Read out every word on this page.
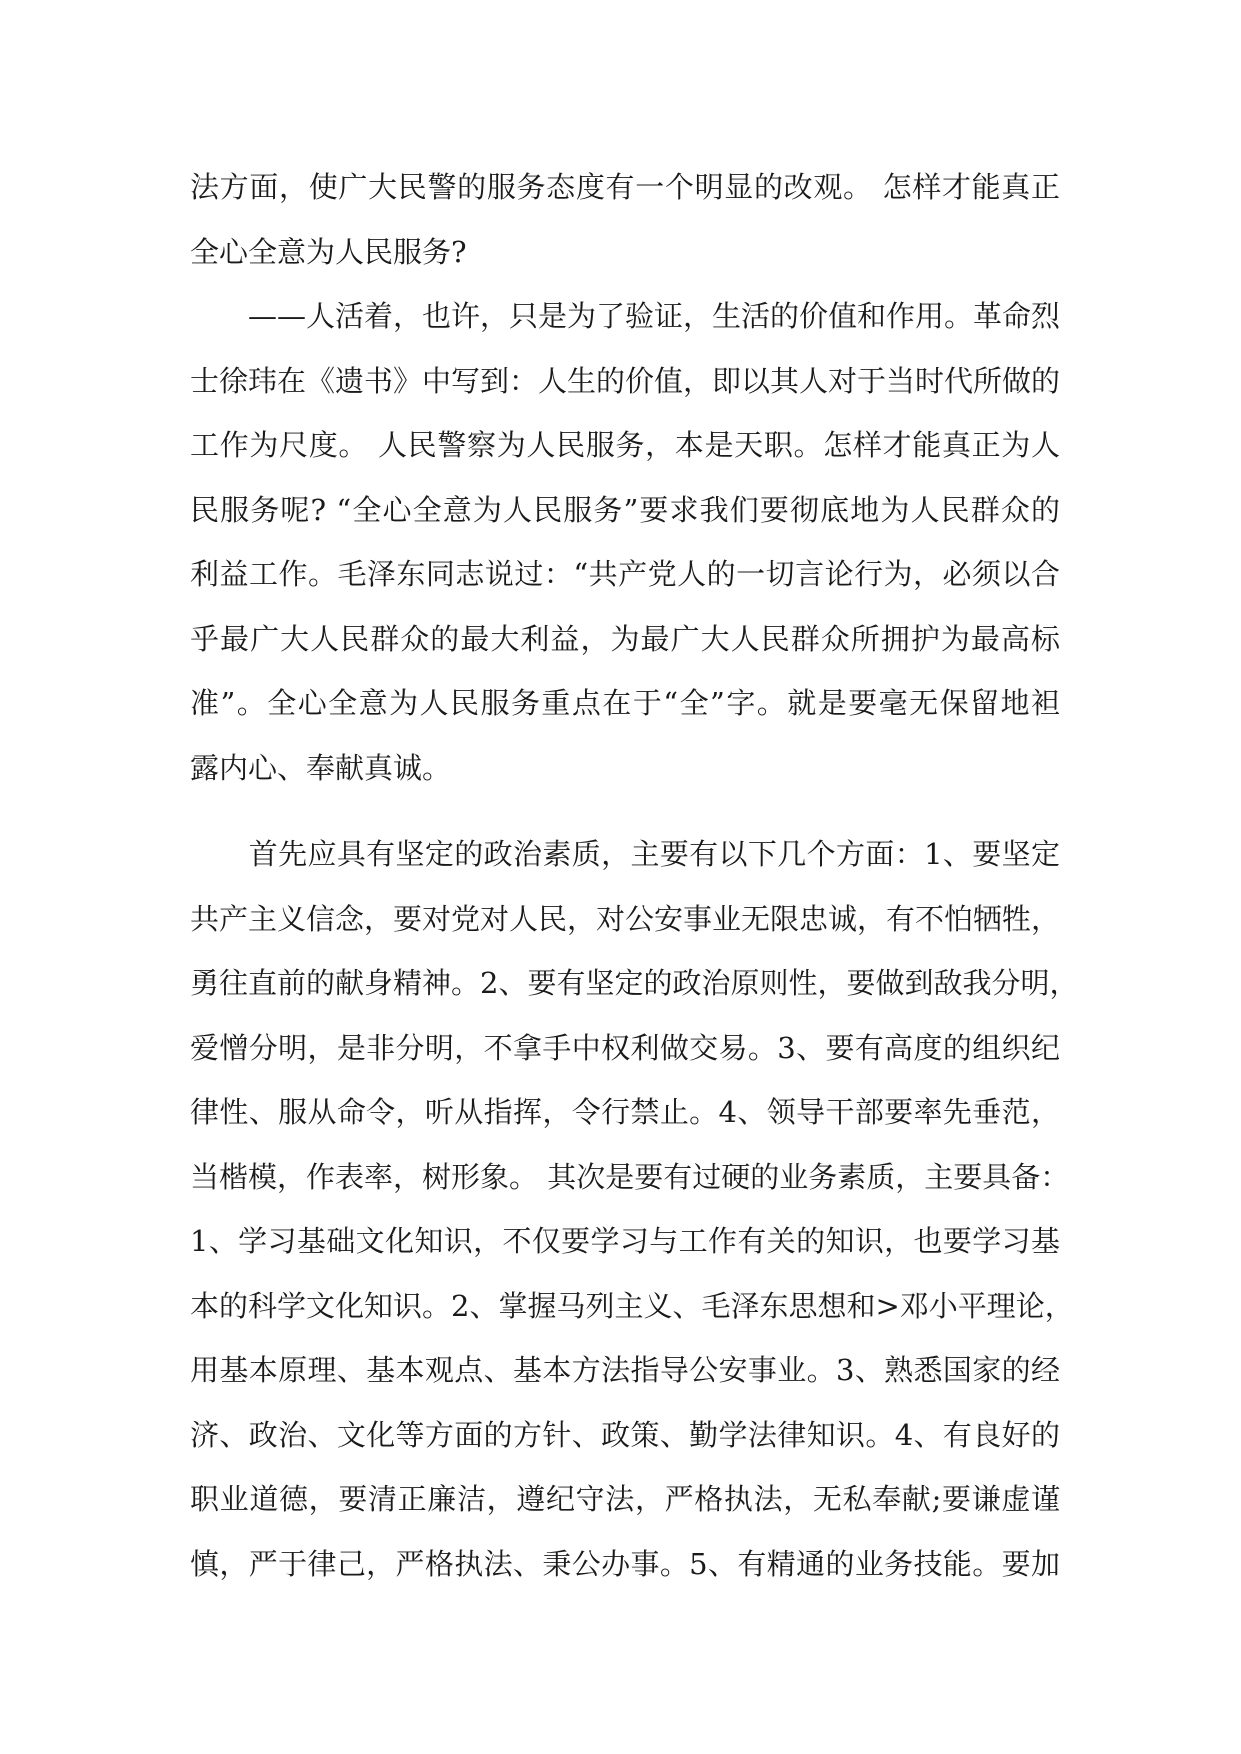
法方面，使广大民警的服务态度有一个明显的改观。 怎样才能真正
全心全意为人民服务?
　　——人活着，也许，只是为了验证，生活的价值和作用。革命烈
士徐玮在《遗书》中写到：人生的价值，即以其人对于当时代所做的
工作为尺度。 人民警察为人民服务，本是天职。怎样才能真正为人
民服务呢? “全心全意为人民服务”要求我们要彻底地为人民群众的
利益工作。毛泽东同志说过：“共产党人的一切言论行为，必须以合
乎最广大人民群众的最大利益，为最广大人民群众所拥护为最高标
准”。全心全意为人民服务重点在于“全”字。就是要毫无保留地袒
露内心、奉献真诚。
　　首先应具有坚定的政治素质，主要有以下几个方面：1、要坚定
共产主义信念，要对党对人民，对公安事业无限忠诚，有不怕牺牲，
勇往直前的献身精神。2、要有坚定的政治原则性，要做到敌我分明，
爱憎分明，是非分明，不拿手中权利做交易。3、要有高度的组织纪
律性、服从命令，听从指挥，令行禁止。4、领导干部要率先垂范，
当楷模，作表率，树形象。 其次是要有过硬的业务素质，主要具备：
1、学习基础文化知识，不仅要学习与工作有关的知识，也要学习基
本的科学文化知识。2、掌握马列主义、毛泽东思想和>邓小平理论，
用基本原理、基本观点、基本方法指导公安事业。3、熟悉国家的经
济、政治、文化等方面的方针、政策、勤学法律知识。4、有良好的
职业道德，要清正廉洁，遵纪守法，严格执法，无私奉献;要谦虚谨
慎，严于律己，严格执法、秉公办事。5、有精通的业务技能。要加
